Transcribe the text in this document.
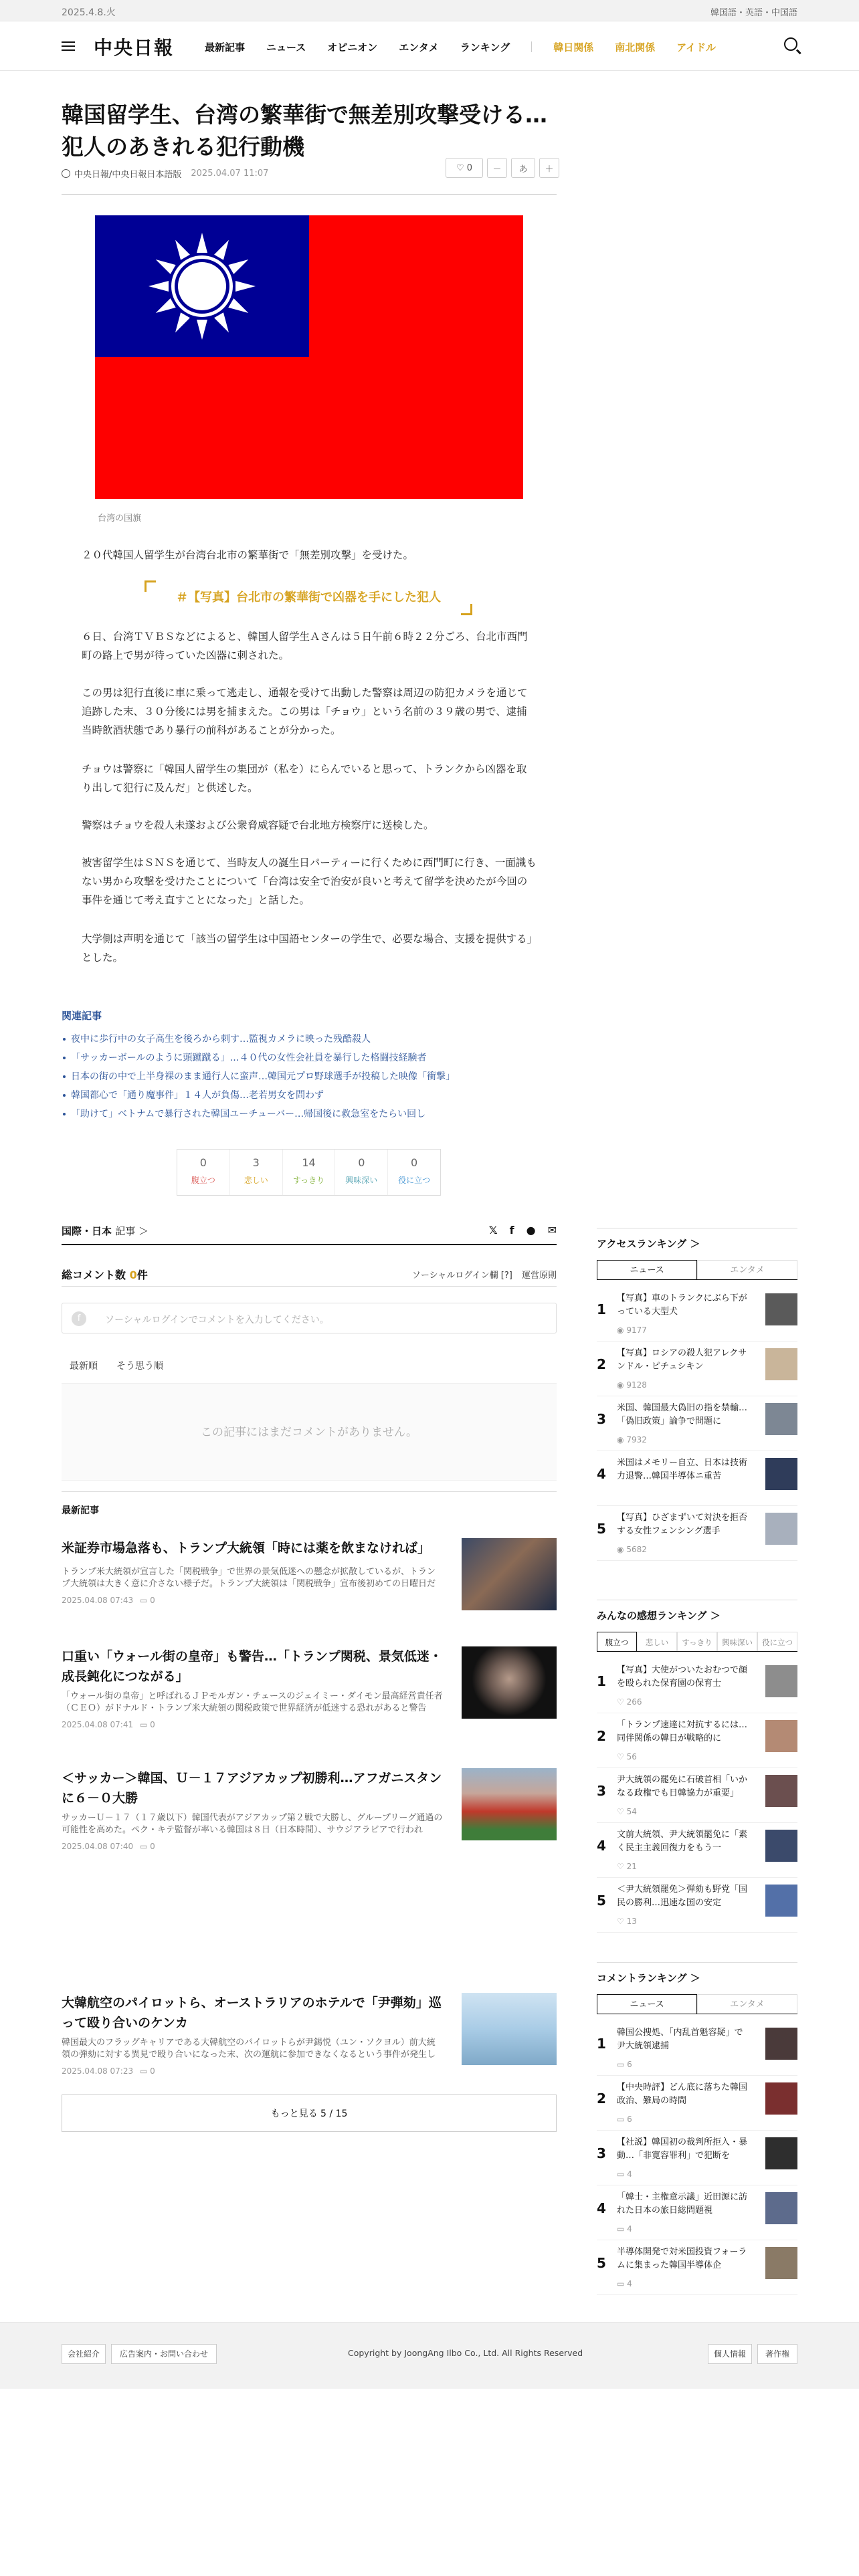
2025.4.8.火	韓国語・英語・中国語
中央日報	最新記事 ニュース オピニオン エンタメ ランキング	韓日関係 南北関係 アイドル
韓国留学生、台湾の繁華街で無差別攻撃受ける…犯人のあきれる犯行動機
中央日報/中央日報日本語版 2025.04.07 11:07
♡ 0	－	あ	＋
台湾の国旗

２０代韓国人留学生が台湾台北市の繁華街で「無差別攻撃」を受けた。

＃【写真】台北市の繁華街で凶器を手にした犯人

６日、台湾ＴＶＢＳなどによると、韓国人留学生Ａさんは５日午前６時２２分ごろ、台北市西門町の路上で男が待っていた凶器に刺された。

この男は犯行直後に車に乗って逃走し、通報を受けて出動した警察は周辺の防犯カメラを通じて追跡した末、３０分後には男を捕まえた。この男は「チョウ」という名前の３９歳の男で、逮捕当時飲酒状態であり暴行の前科があることが分かった。

チョウは警察に「韓国人留学生の集団が（私を）にらんでいると思って、トランクから凶器を取り出して犯行に及んだ」と供述した。

警察はチョウを殺人未遂および公衆脅威容疑で台北地方検察庁に送検した。

被害留学生はＳＮＳを通じて、当時友人の誕生日パーティーに行くために西門町に行き、一面識もない男から攻撃を受けたことについて「台湾は安全で治安が良いと考えて留学を決めたが今回の事件を通じて考え直すことになった」と話した。

大学側は声明を通じて「該当の留学生は中国語センターの学生で、必要な場合、支援を提供する」とした。

関連記事
夜中に歩行中の女子高生を後ろから刺す…監視カメラに映った残酷殺人
「サッカーボールのように頭蹴蹴る」…４０代の女性会社員を暴行した格闘技経験者
日本の街の中で上半身裸のまま通行人に蛮声…韓国元プロ野球選手が投稿した映像「衝撃」
韓国都心で「通り魔事件」１４人が負傷…老若男女を問わず
「助けて」ベトナムで暴行された韓国ユーチューバー…帰国後に救急室をたらい回し
0
腹立つ
3
悲しい
14
すっきり
0
興味深い
0
役に立つ
国際・日本 記事 ＞	𝕏 f ● ✉
総コメント数 0件	ソーシャルログイン欄 [?] 運営原則
f	ソーシャルログインでコメントを入力してください。
最新順 そう思う順
この記事にはまだコメントがありません。
最新記事
米証券市場急落も、トランプ大統領「時には薬を飲まなければ」
トランプ米大統領が宣言した「関税戦争」で世界の景気低迷への懸念が拡散しているが、トランプ大統領は大きく意に介さない様子だ。トランプ大統領は「関税戦争」宣布後初めての日曜日だ
2025.04.08 07:43 ▭ 0
口重い「ウォール街の皇帝」も警告…「トランプ関税、景気低迷・成長鈍化につながる」
「ウォール街の皇帝」と呼ばれるＪＰモルガン・チェースのジェイミー・ダイモン最高経営責任者（ＣＥＯ）がドナルド・トランプ米大統領の関税政策で世界経済が低迷する恐れがあると警告
2025.04.08 07:41 ▭ 0
＜サッカー＞韓国、Ｕ－１７アジアカップ初勝利…アフガニスタンに６－０大勝
サッカーＵ－１７（１７歳以下）韓国代表がアジアカップ第２戦で大勝し、グループリーグ通過の可能性を高めた。ペク・キテ監督が率いる韓国は８日（日本時間）、サウジアラビアで行われ
2025.04.08 07:40 ▭ 0
大韓航空のパイロットら、オーストラリアのホテルで「尹弾劾」巡って殴り合いのケンカ
韓国最大のフラッグキャリアである大韓航空のパイロットらが尹錫悦（ユン・ソクヨル）前大統領の弾劾に対する異見で殴り合いになった末、次の運航に参加できなくなるという事件が発生し
2025.04.08 07:23 ▭ 0
もっと見る 5 / 15
アクセスランキング ＞
ニュース	エンタメ
1
【写真】車のトランクにぶら下がっている大型犬
◉ 9177
2
【写真】ロシアの殺人犯アレクサンドル・ピチュシキン
◉ 9128
3
米国、韓国最大偽旧の指を禁輸…「偽旧政策」論争で問題に
◉ 7932
4
米国はメモリー自立、日本は技術力退警…韓国半導体ニ重苦
5
【写真】ひざまずいて対決を拒否する女性フェンシング選手
◉ 5682
みんなの感想ランキング ＞
腹立つ	悲しい	すっきり	興味深い	役に立つ
1
【写真】大使がついたおむつで顔を殴られた保育園の保育士
♡ 266
2
「トランプ速達に対抗するには…同伴関係の韓日が戦略的に
♡ 56
3
尹大統領の罷免に石破首相「いかなる政権でも日韓協力が重要」
♡ 54
4
文前大統領、尹大統領罷免に「素く民主主義回復力をもう一
♡ 21
5
＜尹大統領罷免＞弾劾も野党「国民の勝利…迅速な国の安定
♡ 13
コメントランキング ＞
ニュース	エンタメ
1
韓国公捜処、「内乱首魁容疑」で尹大統領逮捕
▭ 6
2
【中央時評】どん底に落ちた韓国政治、難局の時間
▭ 6
3
【社説】韓国初の裁判所拒入・暴動…「非寛容罪利」で犯断を
▭ 4
4
「韓士・主権意示議」近田源に訪れた日本の旅日総問題視
▭ 4
5
半導体開発で対米国投資フォーラムに集まった韓国半導体企
▭ 4
会社紹介	広告案内・お問い合わせ	Copyright by JoongAng Ilbo Co., Ltd. All Rights Reserved	個人情報	著作権
